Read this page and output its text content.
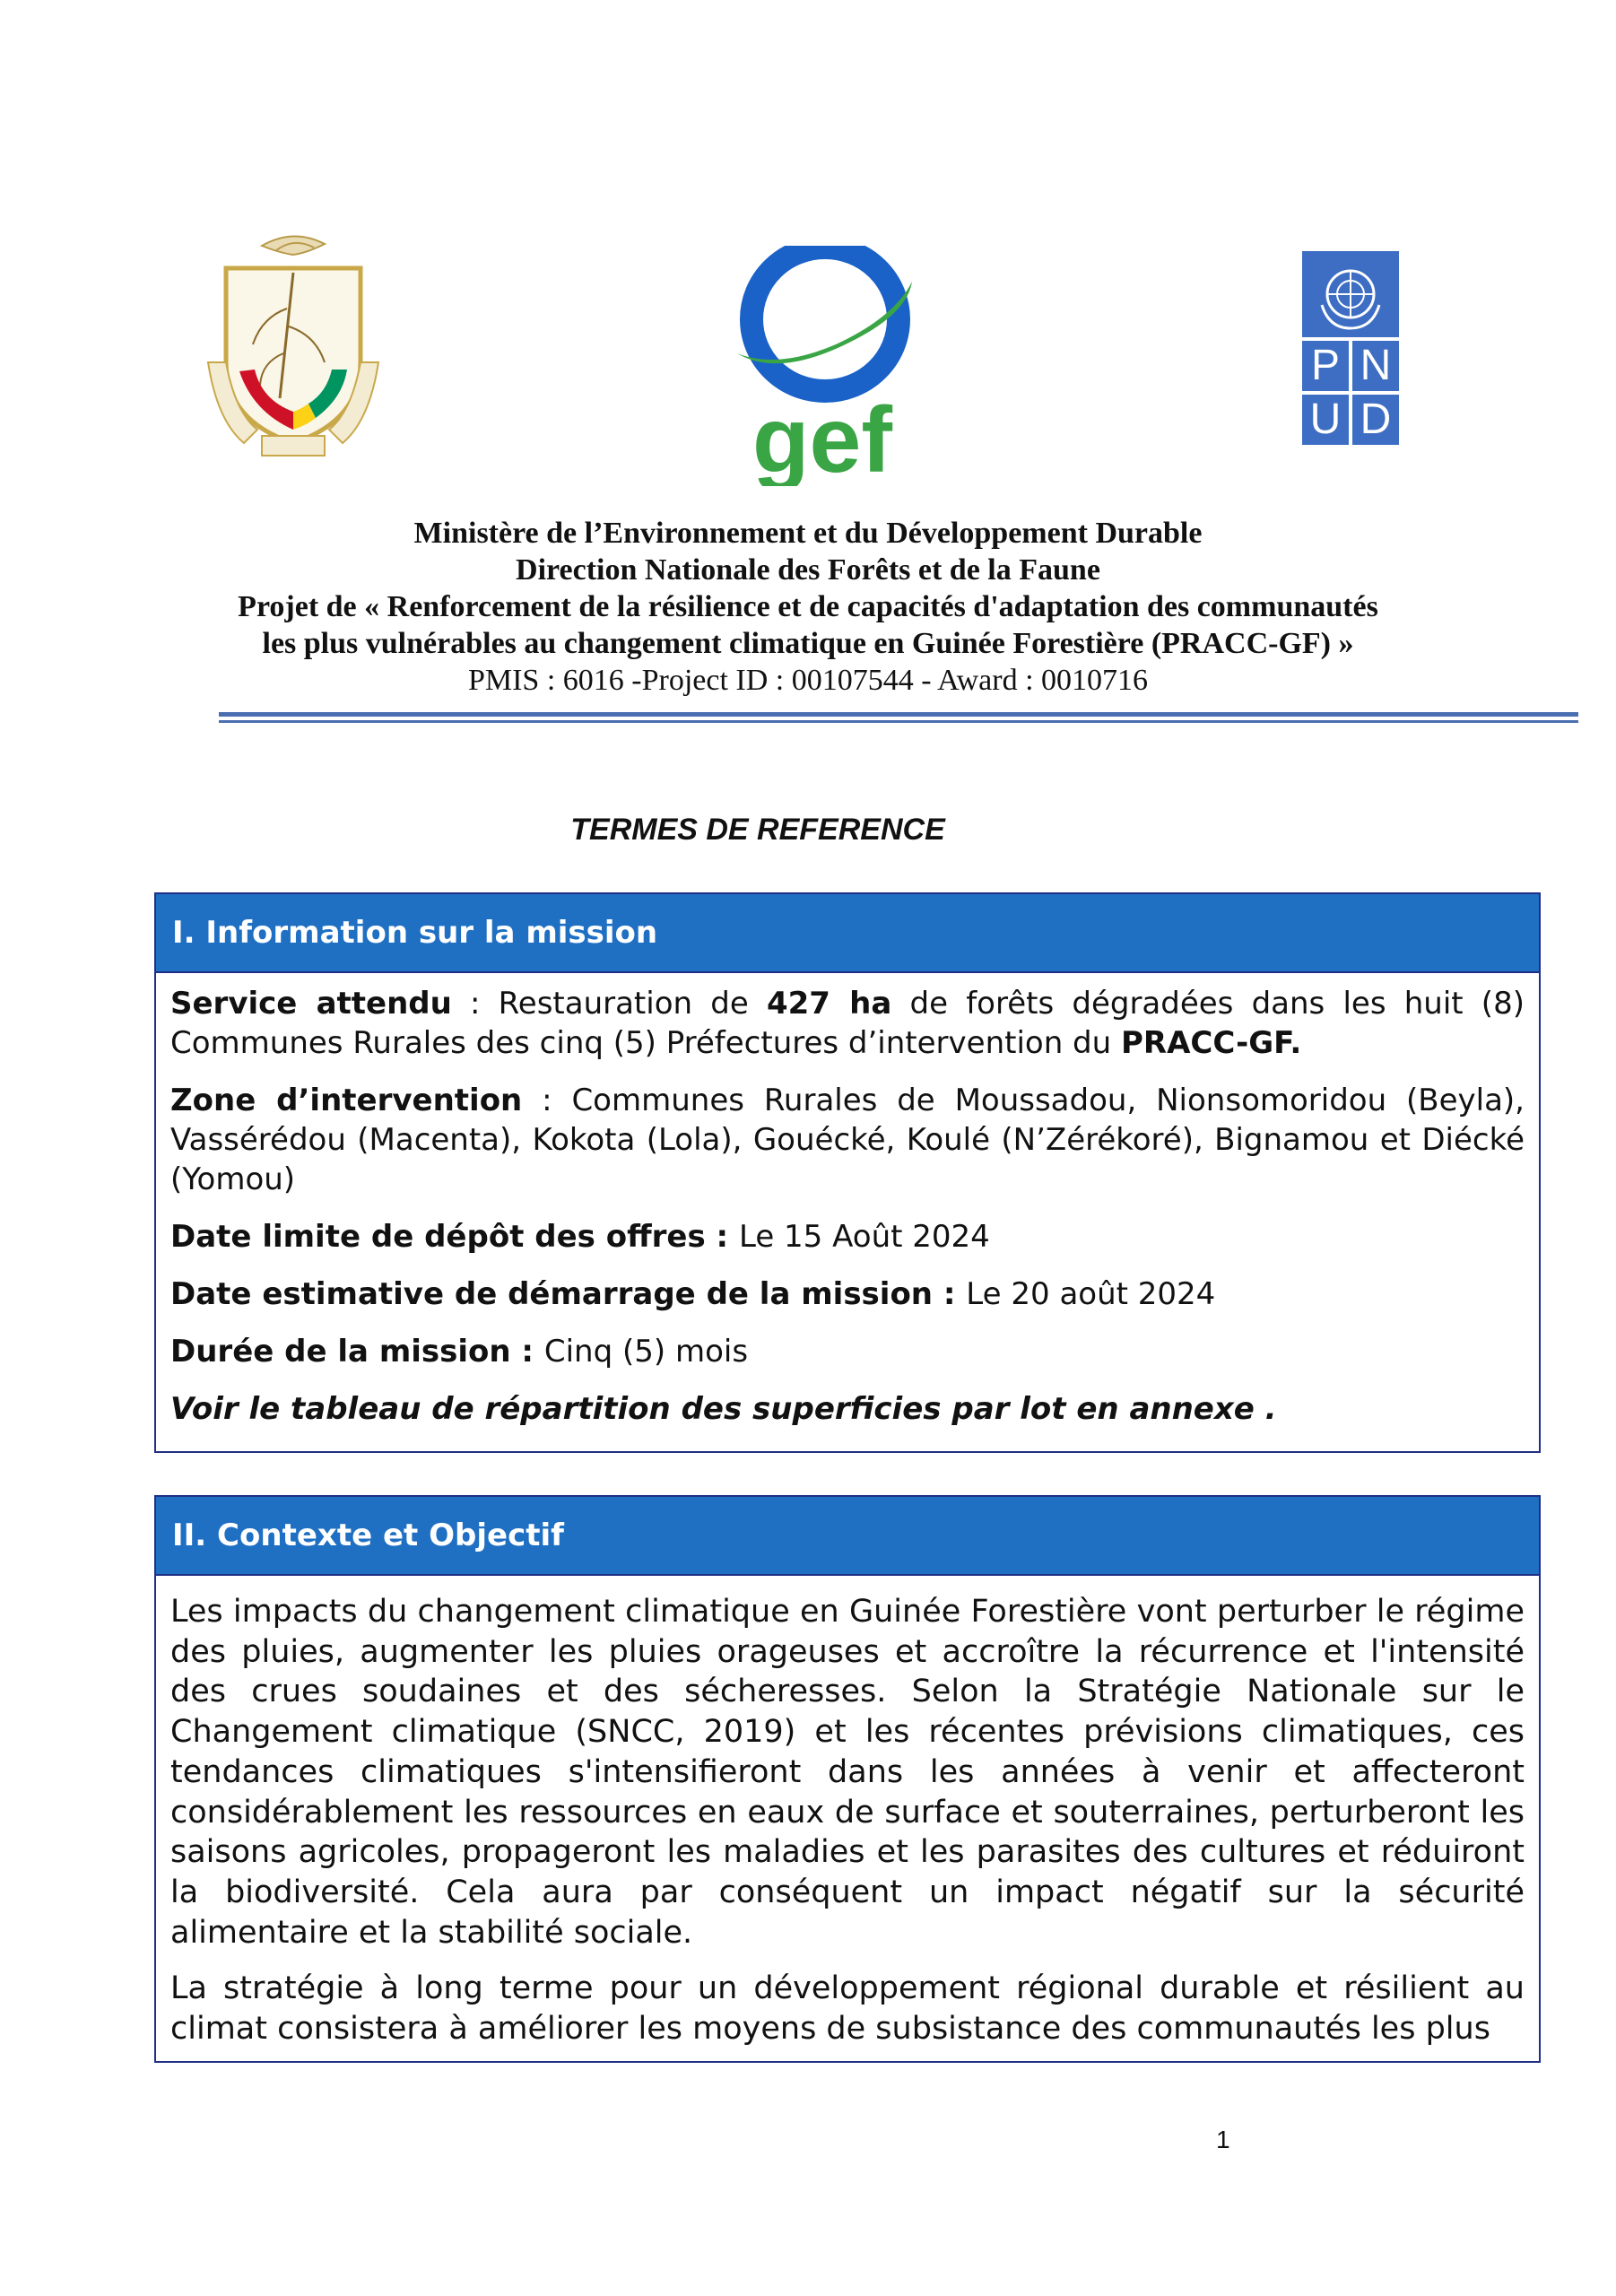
gef
P N
U D
Ministère de l’Environnement et du Développement Durable
Direction Nationale des Forêts et de la Faune
Projet de « Renforcement de la résilience et de capacités d'adaptation des communautés
les plus vulnérables au changement climatique en Guinée Forestière (PRACC-GF) »
PMIS : 6016 -Project ID : 00107544 - Award : 0010716
TERMES DE REFERENCE
I. Information sur la mission

Service attendu : Restauration de 427 ha de forêts dégradées dans les huit (8) Communes Rurales des cinq (5) Préfectures d’intervention du PRACC-GF.

Zone d’intervention : Communes Rurales de Moussadou, Nionsomoridou (Beyla), Vassérédou (Macenta), Kokota (Lola), Gouécké, Koulé (N’Zérékoré), Bignamou et Diécké (Yomou)

Date limite de dépôt des offres : Le 15 Août 2024

Date estimative de démarrage de la mission : Le 20 août 2024

Durée de la mission : Cinq (5) mois

Voir le tableau de répartition des superficies par lot en annexe .

II. Contexte et Objectif

Les impacts du changement climatique en Guinée Forestière vont perturber le régime des pluies, augmenter les pluies orageuses et accroître la récurrence et l'intensité des crues soudaines et des sécheresses. Selon la Stratégie Nationale sur le Changement climatique (SNCC, 2019) et les récentes prévisions climatiques, ces tendances climatiques s'intensifieront dans les années à venir et affecteront considérablement les ressources en eaux de surface et souterraines, perturberont les saisons agricoles, propageront les maladies et les parasites des cultures et réduiront la biodiversité. Cela aura par conséquent un impact négatif sur la sécurité alimentaire et la stabilité sociale.

La stratégie à long terme pour un développement régional durable et résilient au climat consistera à améliorer les moyens de subsistance des communautés les plus

1
